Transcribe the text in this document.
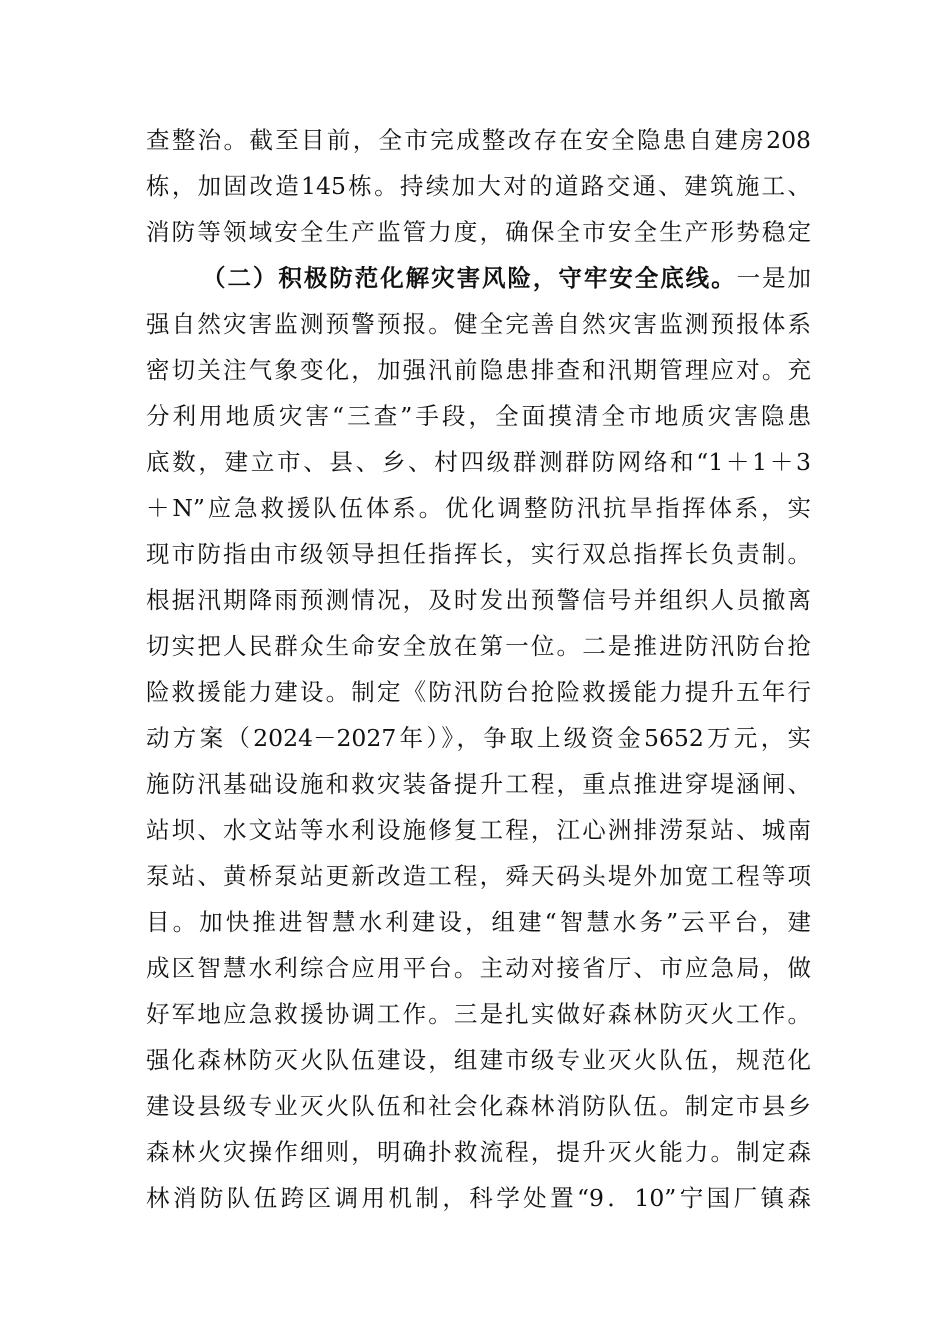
查整治。截至目前，全市完成整改存在安全隐患自建房208
栋，加固改造145栋。持续加大对的道路交通、建筑施工、
消防等领域安全生产监管力度，确保全市安全生产形势稳定
（二）积极防范化解灾害风险，守牢安全底线。一是加
强自然灾害监测预警预报。健全完善自然灾害监测预报体系
密切关注气象变化，加强汛前隐患排查和汛期管理应对。充
分利用地质灾害“三查”手段，全面摸清全市地质灾害隐患
底数，建立市、县、乡、村四级群测群防网络和“1＋1＋3
＋N”应急救援队伍体系。优化调整防汛抗旱指挥体系，实
现市防指由市级领导担任指挥长，实行双总指挥长负责制。
根据汛期降雨预测情况，及时发出预警信号并组织人员撤离
切实把人民群众生命安全放在第一位。二是推进防汛防台抢
险救援能力建设。制定《防汛防台抢险救援能力提升五年行
动方案（2024－2027年）》，争取上级资金5652万元，实
施防汛基础设施和救灾装备提升工程，重点推进穿堤涵闸、
站坝、水文站等水利设施修复工程，江心洲排涝泵站、城南
泵站、黄桥泵站更新改造工程，舜天码头堤外加宽工程等项
目。加快推进智慧水利建设，组建“智慧水务”云平台，建
成区智慧水利综合应用平台。主动对接省厅、市应急局，做
好军地应急救援协调工作。三是扎实做好森林防灭火工作。
强化森林防灭火队伍建设，组建市级专业灭火队伍，规范化
建设县级专业灭火队伍和社会化森林消防队伍。制定市县乡
森林火灾操作细则，明确扑救流程，提升灭火能力。制定森
林消防队伍跨区调用机制，科学处置“9．10”宁国厂镇森
